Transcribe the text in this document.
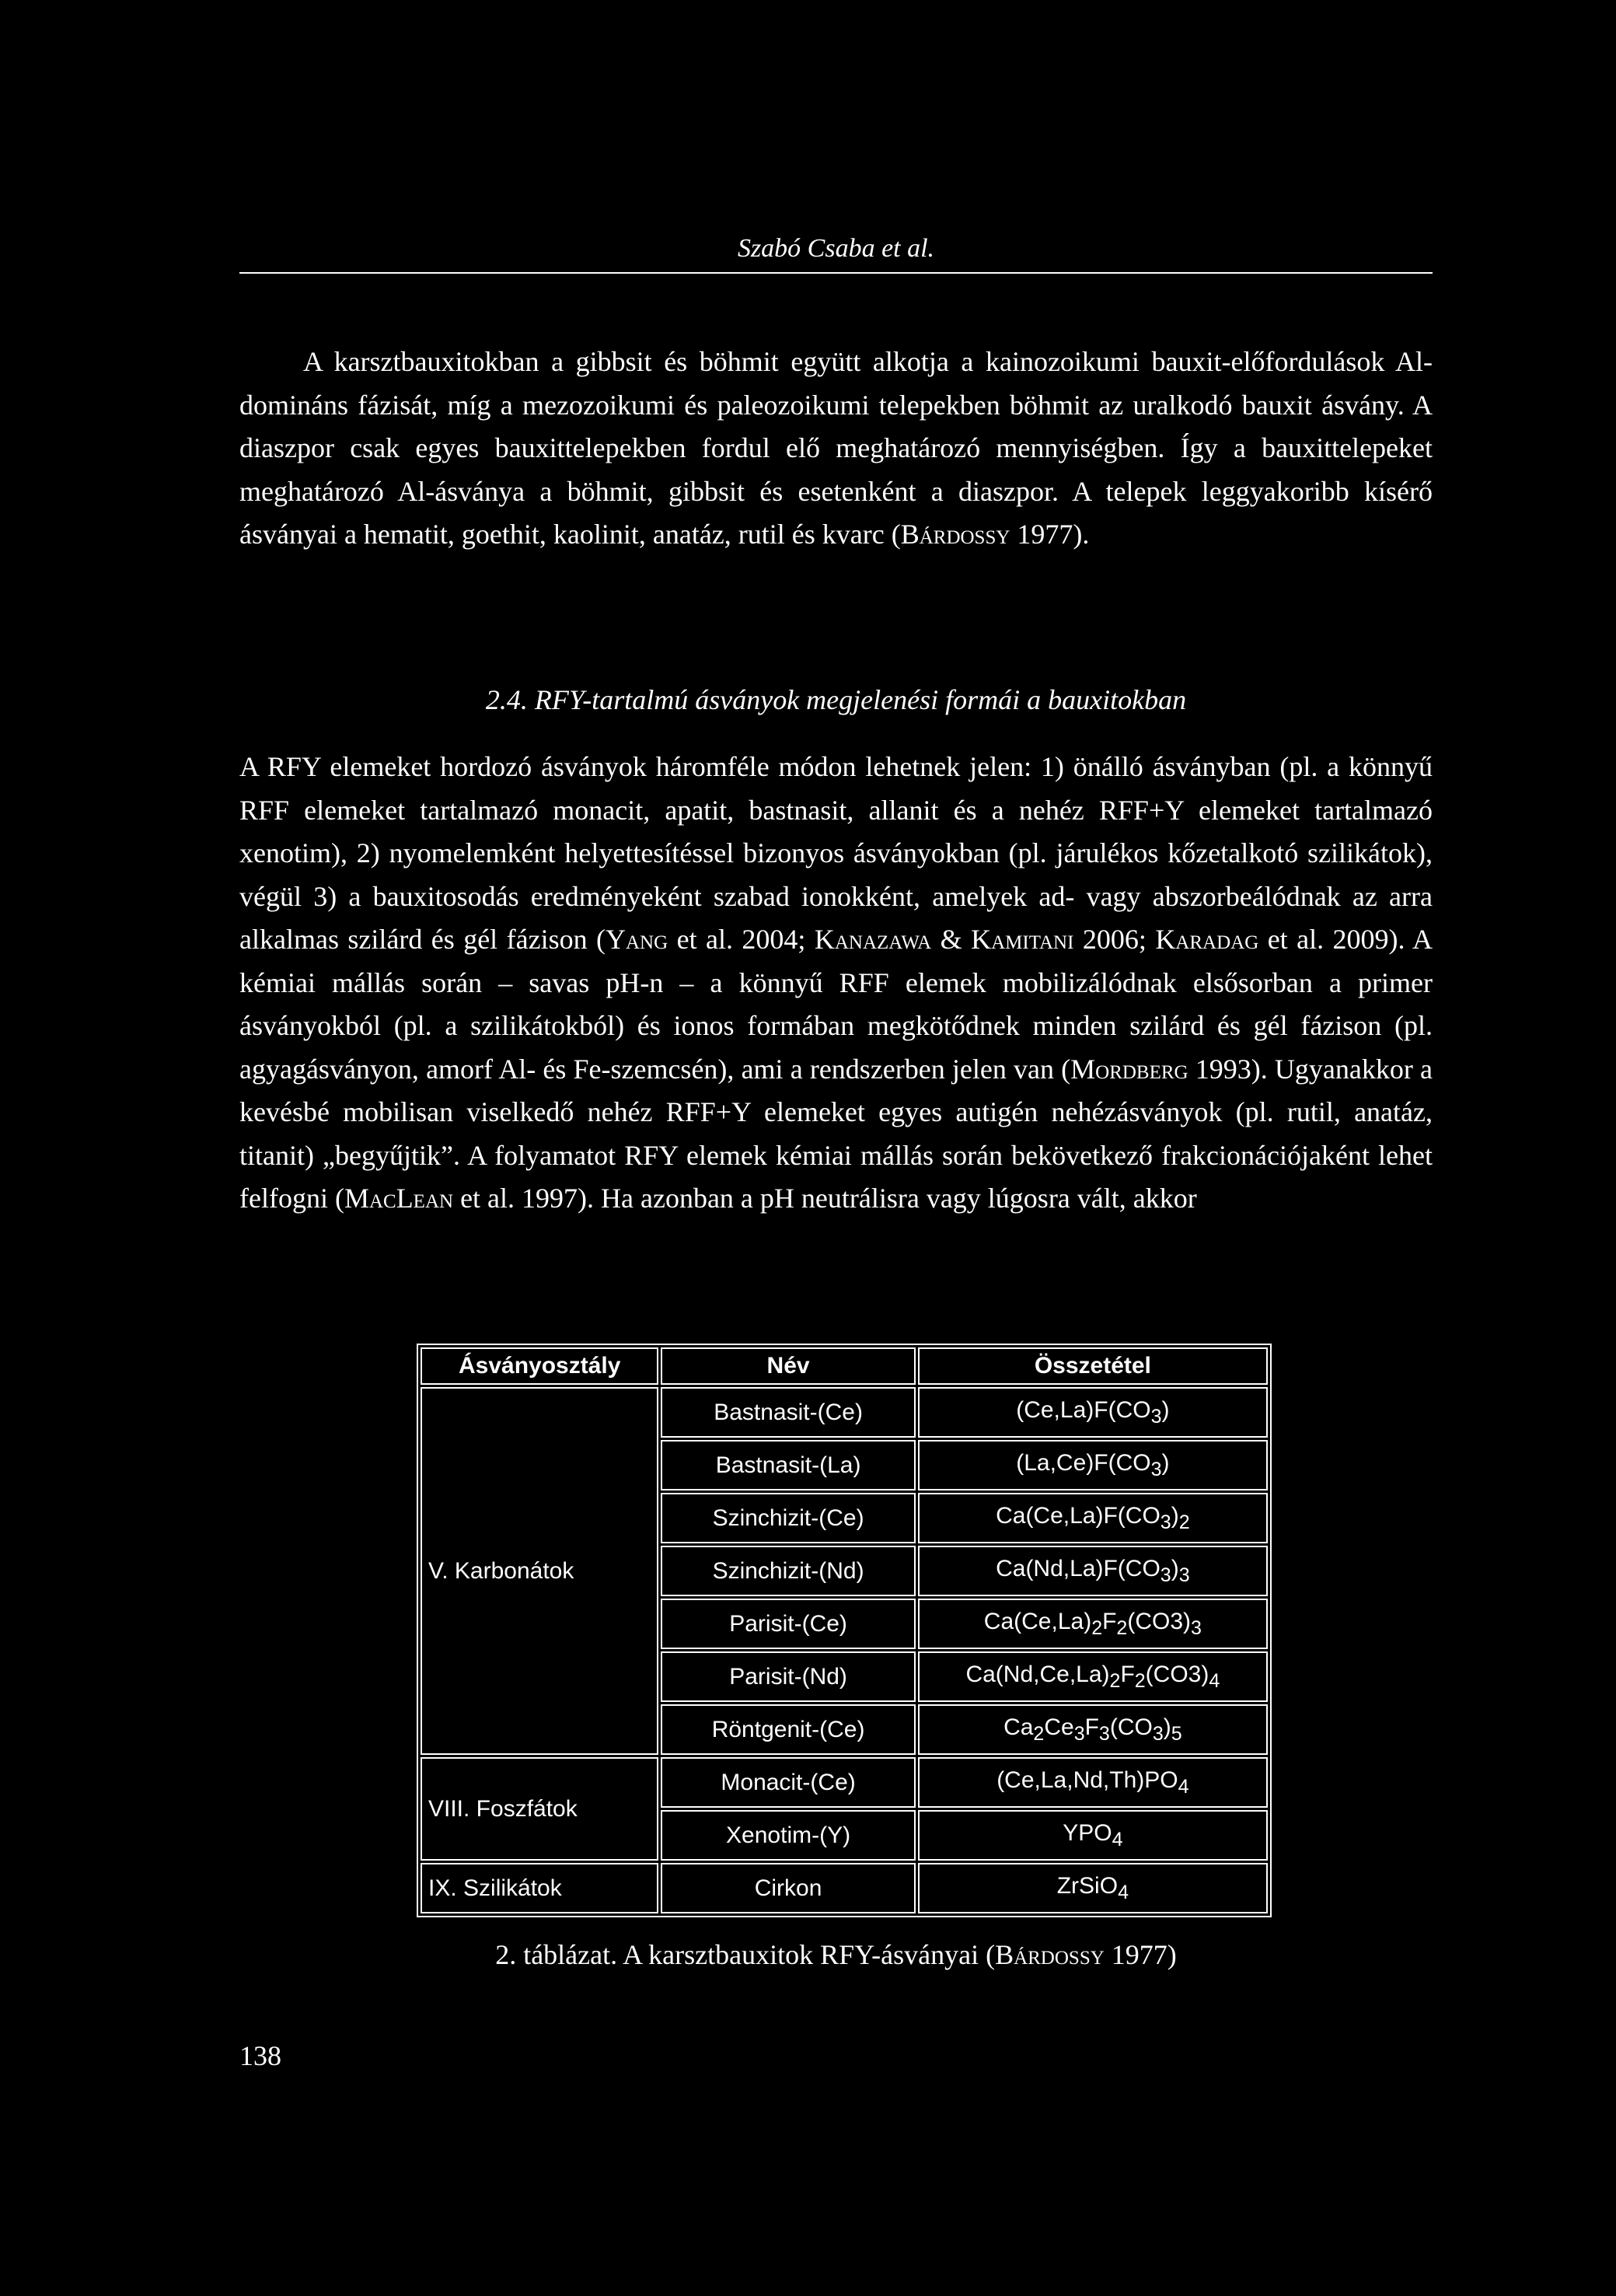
Szabó Csaba et al.

A karsztbauxitokban a gibbsit és böhmit együtt alkotja a kainozoikumi bauxit-előfordulások Al-domináns fázisát, míg a mezozoikumi és paleozoikumi telepekben böhmit az uralkodó bauxit ásvány. A diaszpor csak egyes bauxittelepekben fordul elő meghatározó mennyiségben. Így a bauxittelepeket meghatározó Al-ásványa a böhmit, gibbsit és esetenként a diaszpor. A telepek leggyakoribb kísérő ásványai a hematit, goethit, kaolinit, anatáz, rutil és kvarc (Bárdossy 1977).

2.4. RFY-tartalmú ásványok megjelenési formái a bauxitokban

A RFY elemeket hordozó ásványok háromféle módon lehetnek jelen: 1) önálló ásványban (pl. a könnyű RFF elemeket tartalmazó monacit, apatit, bastnasit, allanit és a nehéz RFF+Y elemeket tartalmazó xenotim), 2) nyomelemként helyettesítéssel bizonyos ásványokban (pl. járulékos kőzetalkotó szilikátok), végül 3) a bauxitosodás eredményeként szabad ionokként, amelyek ad- vagy abszorbeálódnak az arra alkalmas szilárd és gél fázison (Yang et al. 2004; Kanazawa & Kamitani 2006; Karadag et al. 2009). A kémiai mállás során – savas pH-n – a könnyű RFF elemek mobilizálódnak elsősorban a primer ásványokból (pl. a szilikátokból) és ionos formában megkötődnek minden szilárd és gél fázison (pl. agyagásványon, amorf Al- és Fe-szemcsén), ami a rendszerben jelen van (Mordberg 1993). Ugyanakkor a kevésbé mobilisan viselkedő nehéz RFF+Y elemeket egyes autigén nehézásványok (pl. rutil, anatáz, titanit) „begyűjtik”. A folyamatot RFY elemek kémiai mállás során bekövetkező frakcionációjaként lehet felfogni (MacLean et al. 1997). Ha azonban a pH neutrálisra vagy lúgosra vált, akkor

Ásványosztály	Név	Összetétel
V. Karbonátok	Bastnasit-(Ce)	$(Ce,La)F(CO_3)$
	Bastnasit-(La)	$(La,Ce)F(CO_3)$
	Szinchizit-(Ce)	$Ca(Ce,La)F(CO_3)_2$
	Szinchizit-(Nd)	$Ca(Nd,La)F(CO_3)_3$
	Parisit-(Ce)	$Ca(Ce,La)_2F_2(CO3)_3$
	Parisit-(Nd)	$Ca(Nd,Ce,La)_2F_2(CO3)_4$
	Röntgenit-(Ce)	$Ca_2Ce_3F_3(CO_3)_5$
VIII. Foszfátok	Monacit-(Ce)	$(Ce,La,Nd,Th)PO_4$
	Xenotim-(Y)	$YPO_4$
IX. Szilikátok	Cirkon	ZrSiO$_4$
2. táblázat. A karsztbauxitok RFY-ásványai (Bárdossy 1977)
138
